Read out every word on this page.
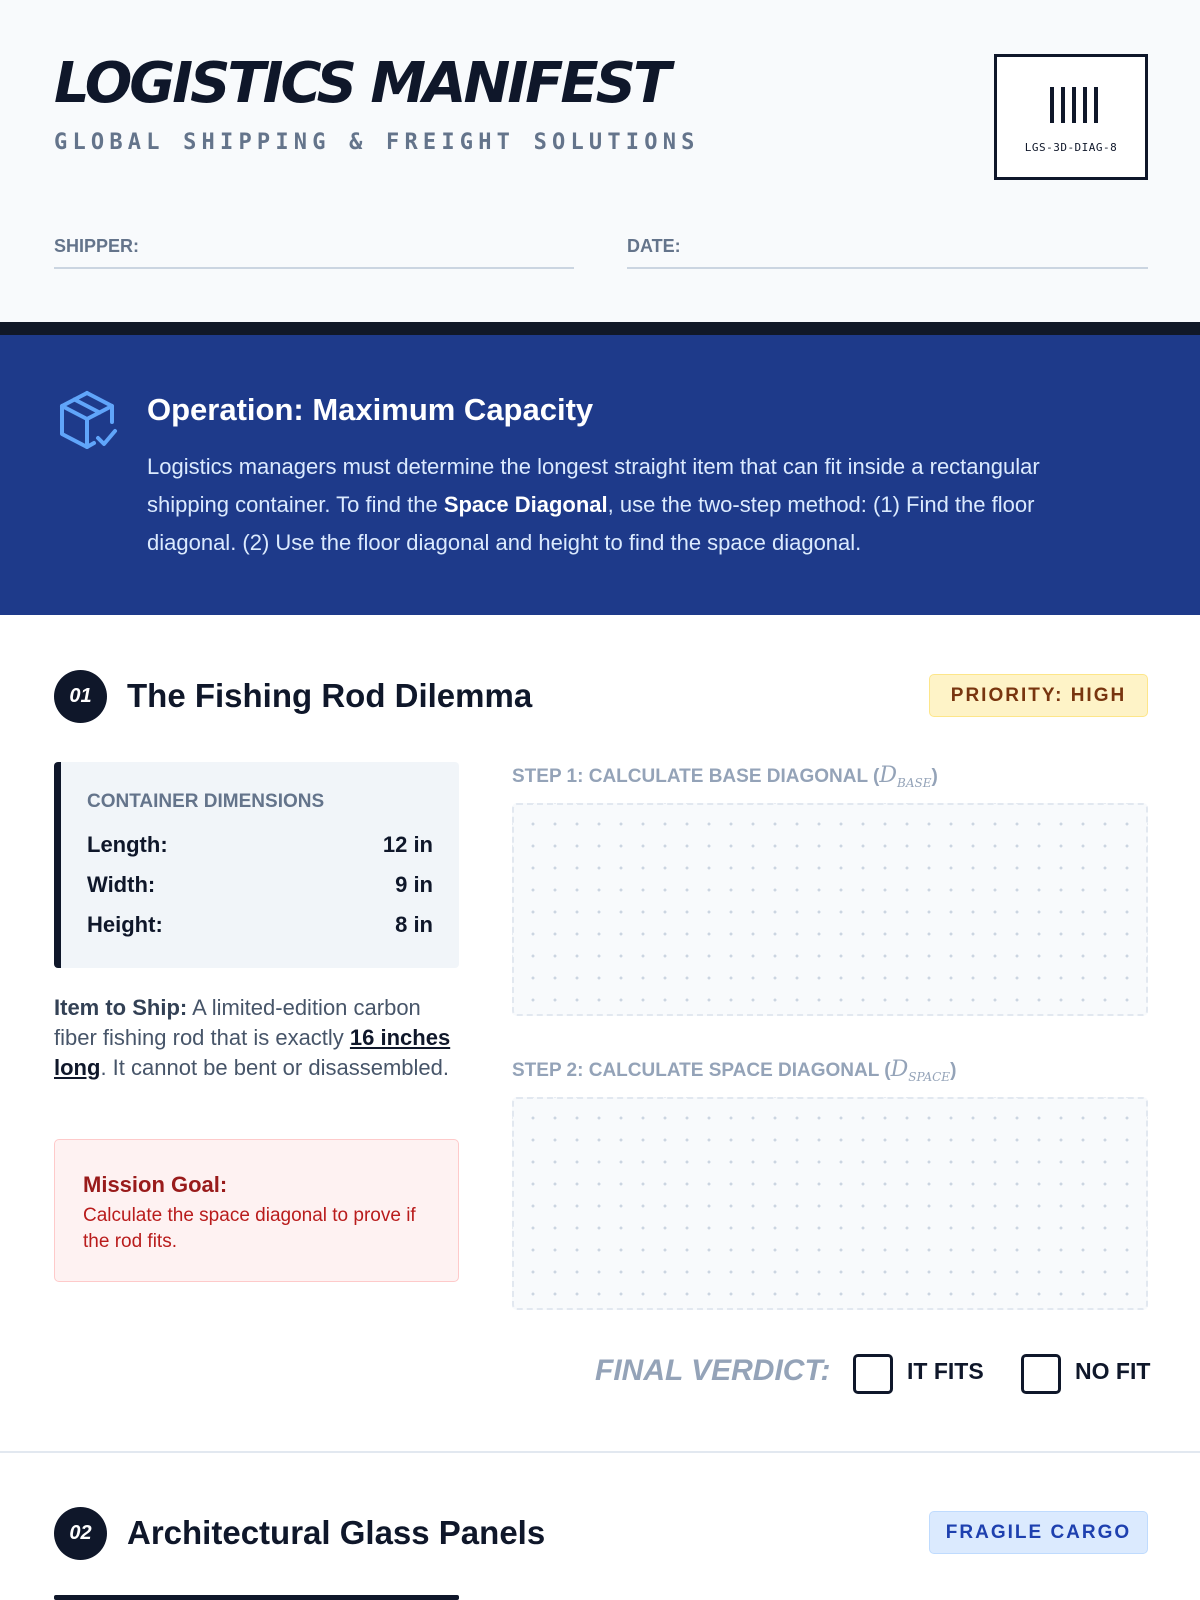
LOGISTICS MANIFEST
GLOBAL SHIPPING & FREIGHT SOLUTIONS	LGS-3D-DIAG-8
SHIPPER:	DATE:
Operation: Maximum Capacity
Logistics managers must determine the longest straight item that can fit inside a rectangular shipping container. To find the Space Diagonal, use the two-step method: (1) Find the floor diagonal. (2) Use the floor diagonal and height to find the space diagonal.
01	The Fishing Rod Dilemma	PRIORITY: HIGH
CONTAINER DIMENSIONS
Length:	12 in
Width:	9 in
Height:	8 in
Item to Ship: A limited-edition carbon fiber fishing rod that is exactly 16 inches long. It cannot be bent or disassembled.
Mission Goal:
Calculate the space diagonal to prove if the rod fits.
STEP 1: CALCULATE BASE DIAGONAL $(D_{BASE})$
STEP 2: CALCULATE SPACE DIAGONAL $(D_{SPACE})$
FINAL VERDICT:	IT FITS	NO FIT
02	Architectural Glass Panels	FRAGILE CARGO
